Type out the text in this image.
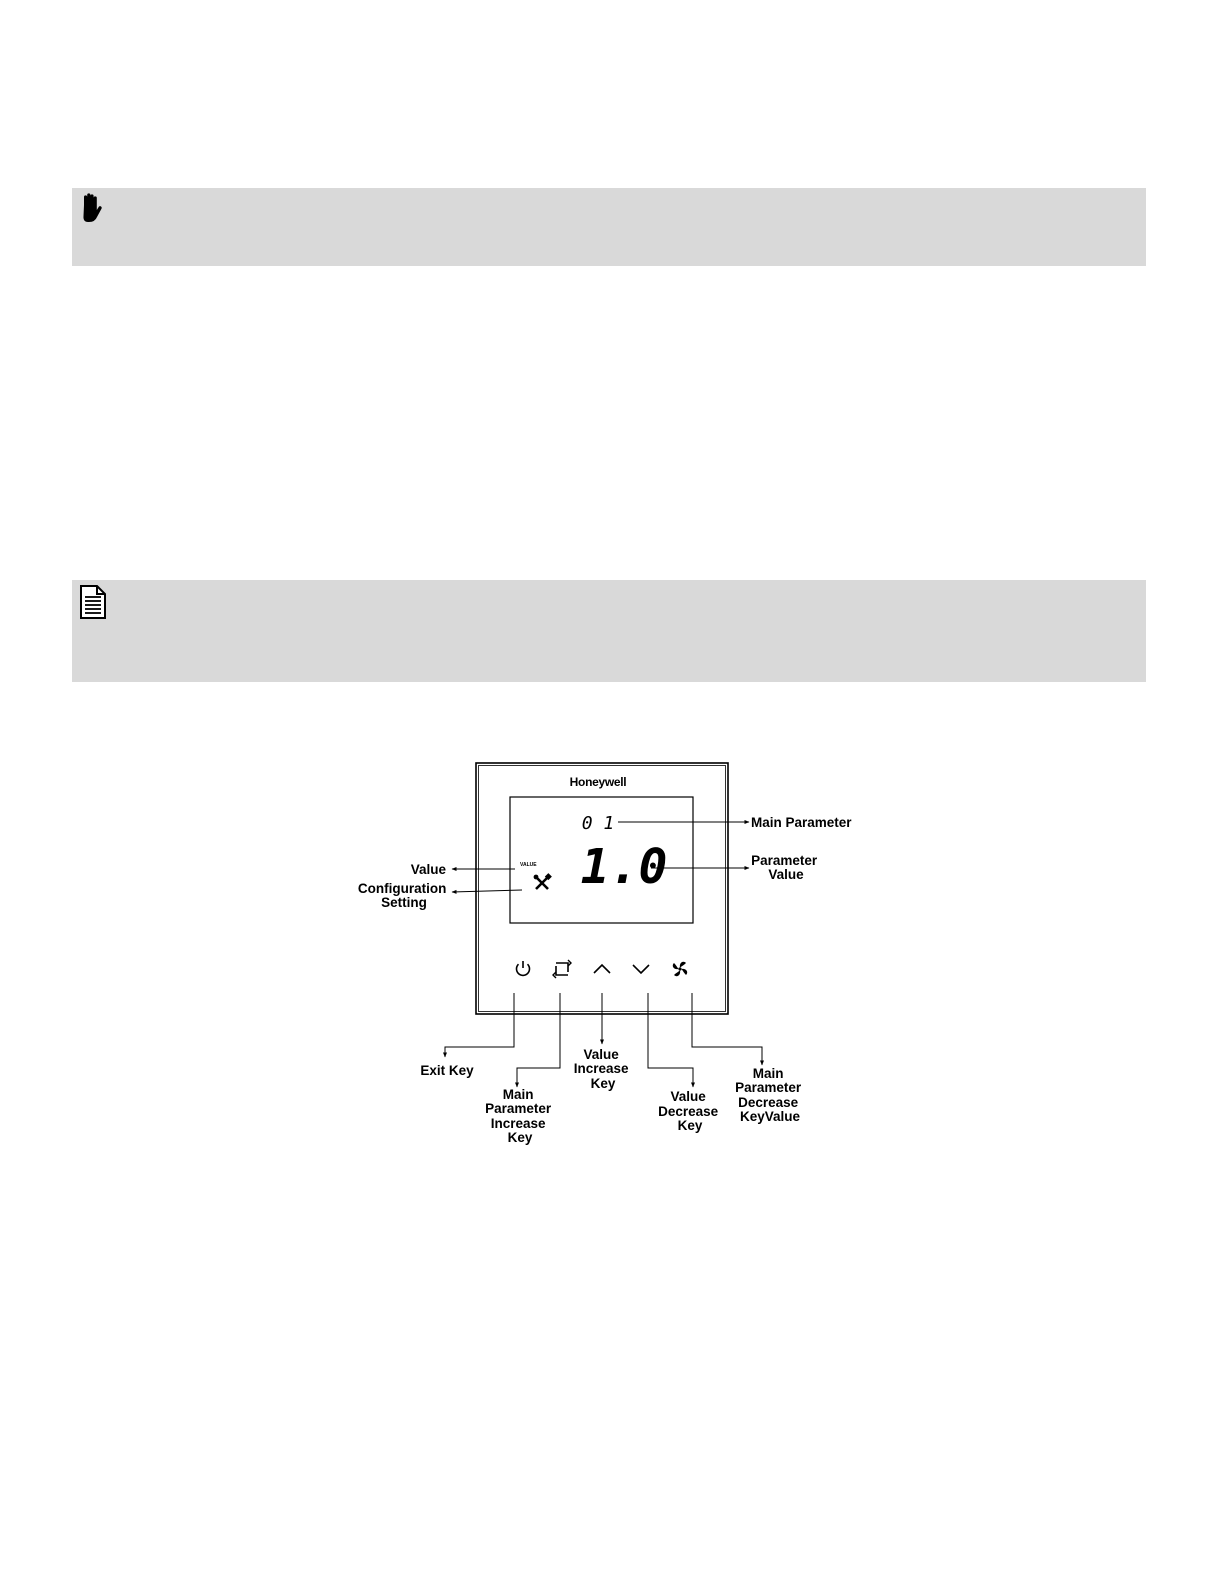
Honeywell
0 1
1.0
VALUE
Main Parameter
Parameter Value
Value
Configuration Setting
Exit Key
Main Parameter Increase Key
Value Increase Key
Value Decrease Key
Main Parameter Decrease KeyValue
